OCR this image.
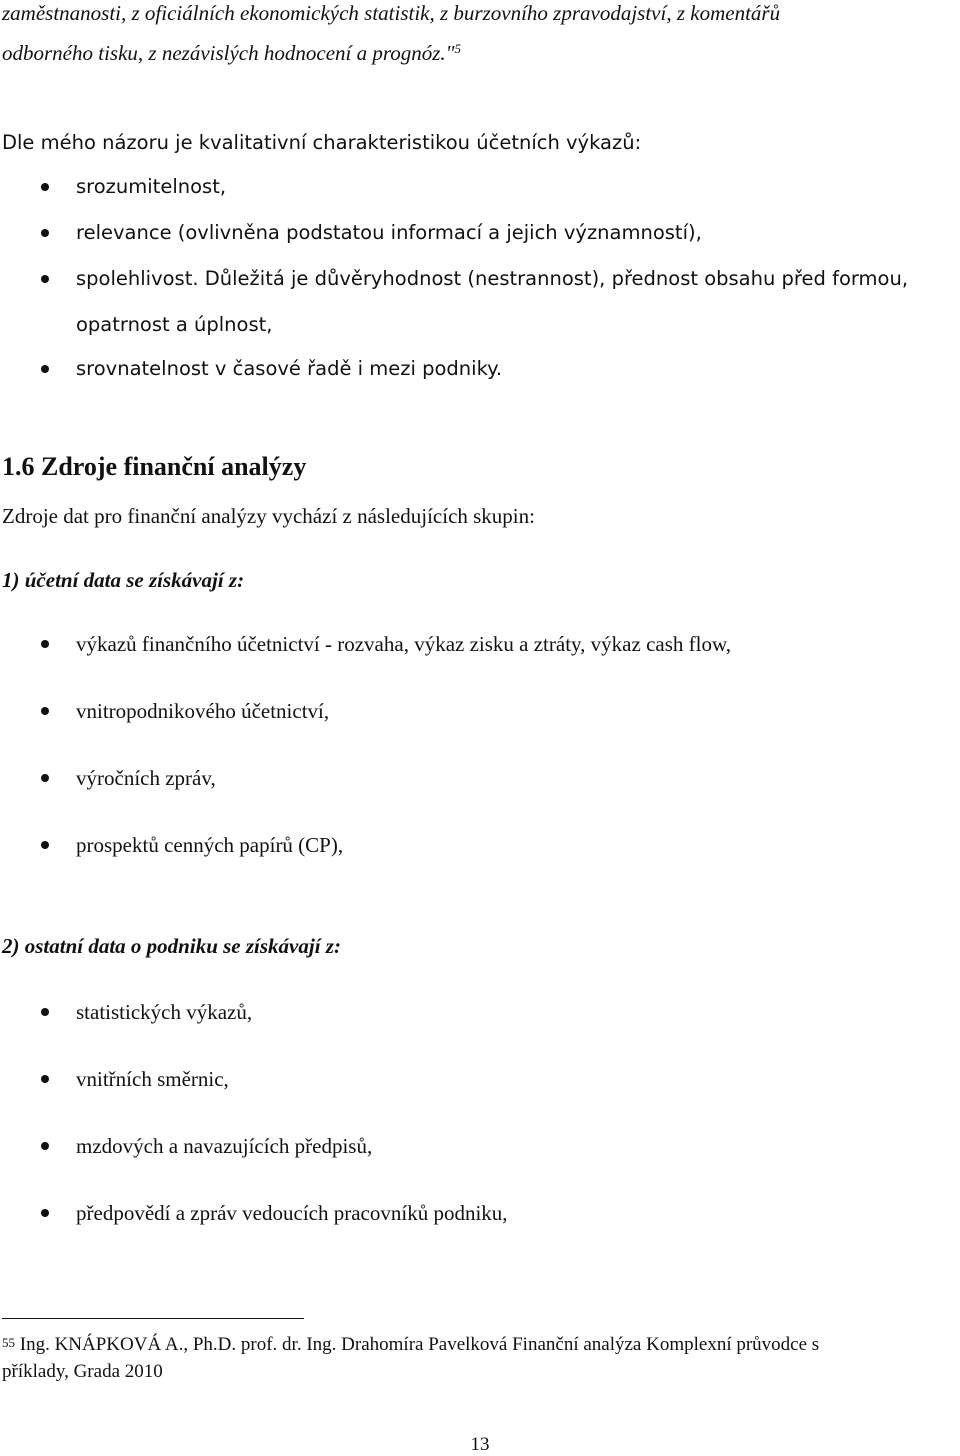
zaměstnanosti, z oficiálních ekonomických statistik, z burzovního zpravodajství, z komentářů
odborného tisku, z nezávislých hodnocení a prognóz."$^5$
Dle mého názoru je kvalitativní charakteristikou účetních výkazů:
srozumitelnost,
relevance (ovlivněna podstatou informací a jejich významností),
spolehlivost. Důležitá je důvěryhodnost (nestrannost), přednost obsahu před formou,
opatrnost a úplnost,
srovnatelnost v časové řadě i mezi podniky.
1.6 Zdroje finanční analýzy
Zdroje dat pro finanční analýzy vychází z následujících skupin:
1) účetní data se získávají z:
výkazů finančního účetnictví - rozvaha, výkaz zisku a ztráty, výkaz cash flow,
vnitropodnikového účetnictví,
výročních zpráv,
prospektů cenných papírů (CP),
2) ostatní data o podniku se získávají z:
statistických výkazů,
vnitřních směrnic,
mzdových a navazujících předpisů,
předpovědí a zpráv vedoucích pracovníků podniku,
$^{55}$ Ing. KNÁPKOVÁ A., Ph.D. prof. dr. Ing. Drahomíra Pavelková Finanční analýza Komplexní průvodce s
příklady, Grada 2010
13
